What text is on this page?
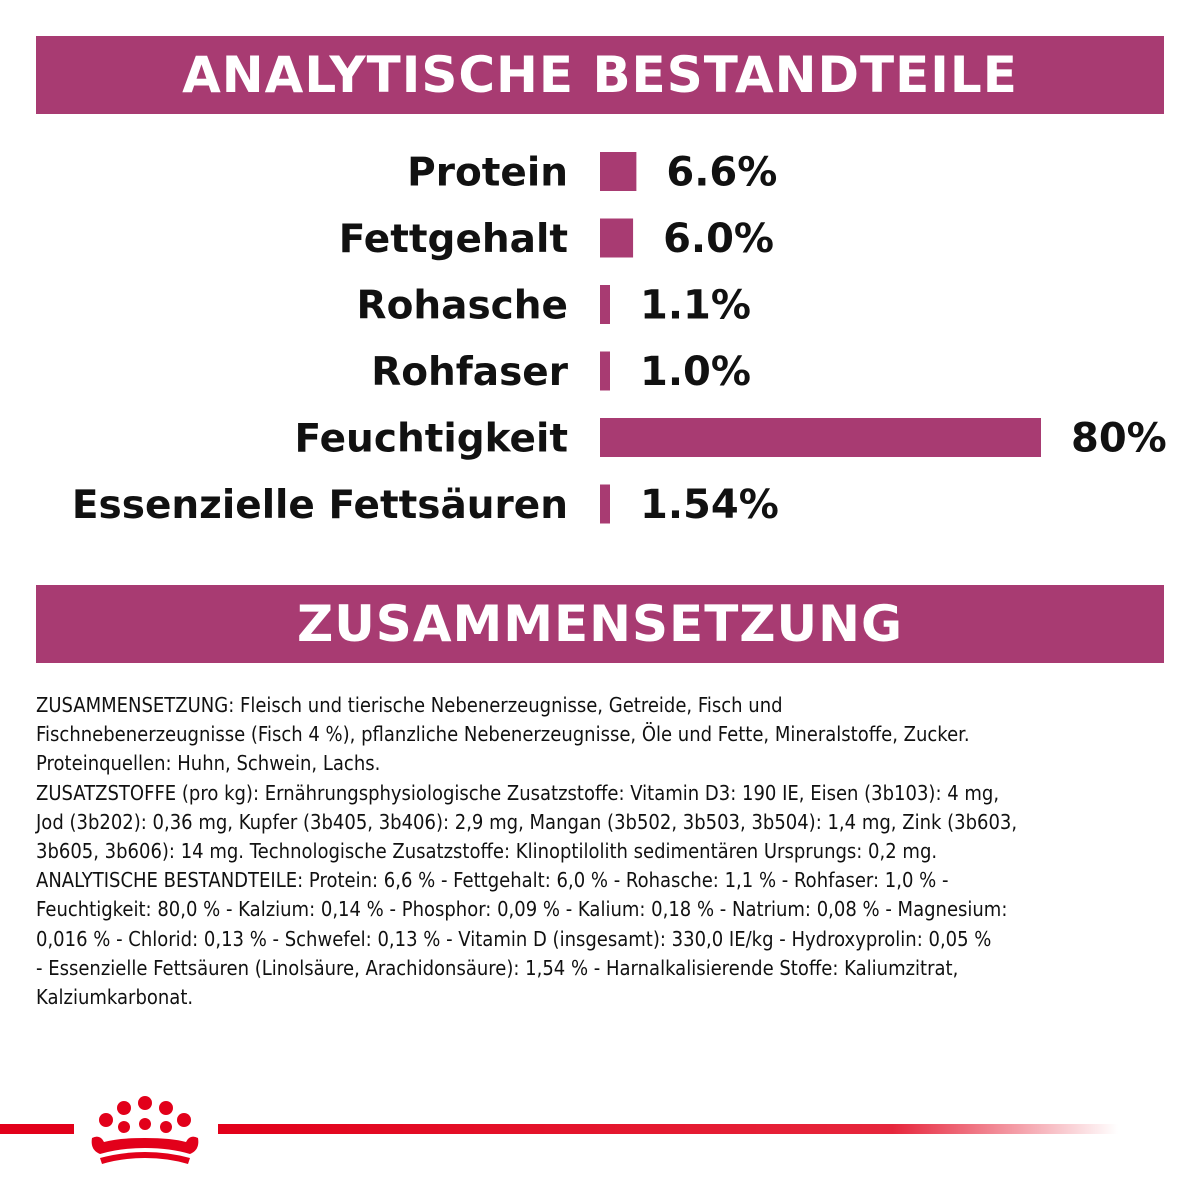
ANALYTISCHE BESTANDTEILE
Protein 6.6%
Fettgehalt 6.0%
Rohasche 1.1%
Rohfaser 1.0%
Feuchtigkeit	80%
Essenzielle Fettsäuren 1.54%
ZUSAMMENSETZUNG
ZUSAMMENSETZUNG: Fleisch und tierische Nebenerzeugnisse, Getreide, Fisch und
Fischnebenerzeugnisse (Fisch 4 %), pflanzliche Nebenerzeugnisse, Öle und Fette, Mineralstoffe, Zucker.
Proteinquellen: Huhn, Schwein, Lachs.
ZUSATZSTOFFE (pro kg): Ernährungsphysiologische Zusatzstoffe: Vitamin D3: 190 IE, Eisen (3b103): 4 mg,
Jod (3b202): 0,36 mg, Kupfer (3b405, 3b406): 2,9 mg, Mangan (3b502, 3b503, 3b504): 1,4 mg, Zink (3b603,
3b605, 3b606): 14 mg. Technologische Zusatzstoffe: Klinoptilolith sedimentären Ursprungs: 0,2 mg.
ANALYTISCHE BESTANDTEILE: Protein: 6,6 % - Fettgehalt: 6,0 % - Rohasche: 1,1 % - Rohfaser: 1,0 % -
Feuchtigkeit: 80,0 % - Kalzium: 0,14 % - Phosphor: 0,09 % - Kalium: 0,18 % - Natrium: 0,08 % - Magnesium:
0,016 % - Chlorid: 0,13 % - Schwefel: 0,13 % - Vitamin D (insgesamt): 330,0 IE/kg - Hydroxyprolin: 0,05 %
- Essenzielle Fettsäuren (Linolsäure, Arachidonsäure): 1,54 % - Harnalkalisierende Stoffe: Kaliumzitrat,
Kalziumkarbonat.
